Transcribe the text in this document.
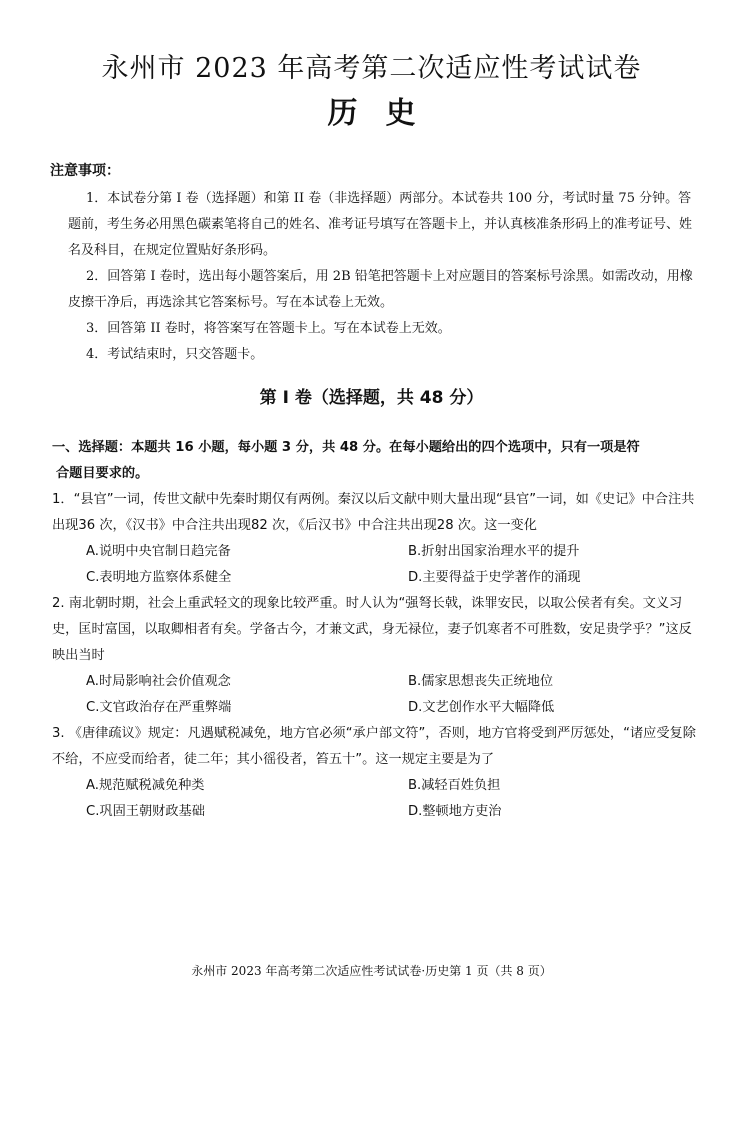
永州市 2023 年高考第二次适应性考试试卷
历史
注意事项：

1．本试卷分第 I 卷（选择题）和第 II 卷（非选择题）两部分。本试卷共 100 分，考试时量 75 分钟。答题前，考生务必用黑色碳素笔将自己的姓名、准考证号填写在答题卡上，并认真核准条形码上的准考证号、姓名及科目，在规定位置贴好条形码。

2．回答第 I 卷时，选出每小题答案后，用 2B 铅笔把答题卡上对应题目的答案标号涂黑。如需改动，用橡皮擦干净后，再选涂其它答案标号。写在本试卷上无效。

3．回答第 II 卷时，将答案写在答题卡上。写在本试卷上无效。

4．考试结束时，只交答题卡。

第 I 卷（选择题，共 48 分）

一、选择题：本题共 16 小题，每小题 3 分，共 48 分。在每小题给出的四个选项中，只有一项是符
合题目要求的。

1．“县官”一词，传世文献中先秦时期仅有两例。秦汉以后文献中则大量出现“县官”一词，如《史记》中合注共出现36 次，《汉书》中合注共出现82 次，《后汉书》中合注共出现28 次。这一变化

A.说明中央官制日趋完备	B.折射出国家治理水平的提升
C.表明地方监察体系健全	D.主要得益于史学著作的涌现

2. 南北朝时期，社会上重武轻文的现象比较严重。时人认为“强弩长戟，诛罪安民，以取公侯者有矣。文义习史，匡时富国，以取卿相者有矣。学备古今，才兼文武，身无禄位，妻子饥寒者不可胜数，安足贵学乎？”这反映出当时

A.时局影响社会价值观念	B.儒家思想丧失正统地位
C.文官政治存在严重弊端	D.文艺创作水平大幅降低

3. 《唐律疏议》规定：凡遇赋税减免，地方官必须“承户部文符”，否则，地方官将受到严厉惩处，“诸应受复除不给，不应受而给者，徒二年；其小徭役者，笞五十”。这一规定主要是为了

A.规范赋税减免种类	B.减轻百姓负担
C.巩固王朝财政基础	D.整顿地方吏治
永州市 2023 年高考第二次适应性考试试卷·历史第 1 页（共 8 页）
